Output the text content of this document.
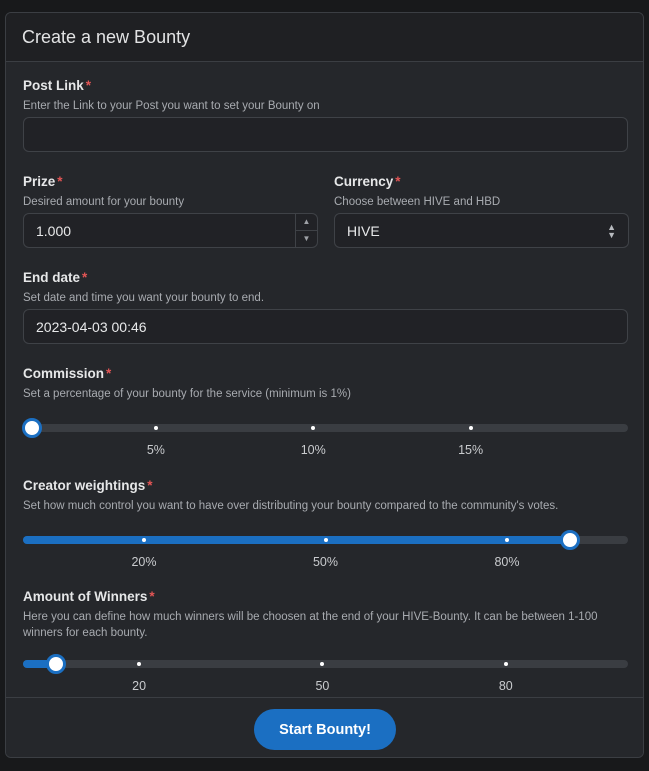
Create a new Bounty
Post Link *
Enter the Link to your Post you want to set your Bounty on
Prize *
Desired amount for your bounty
1.000
▲
▼
Currency *
Choose between HIVE and HBD
HIVE	▲
▼
End date *
Set date and time you want your bounty to end.
2023-04-03 00:46
Commission *
Set a percentage of your bounty for the service (minimum is 1%)
5%	10%	15%
Creator weightings *
Set how much control you want to have over distributing your bounty compared to the community's votes.
20%	50%	80%
Amount of Winners *
Here you can define how much winners will be choosen at the end of your HIVE-Bounty. It can be between 1-100 winners for each bounty.
20	50	80
Start Bounty!
